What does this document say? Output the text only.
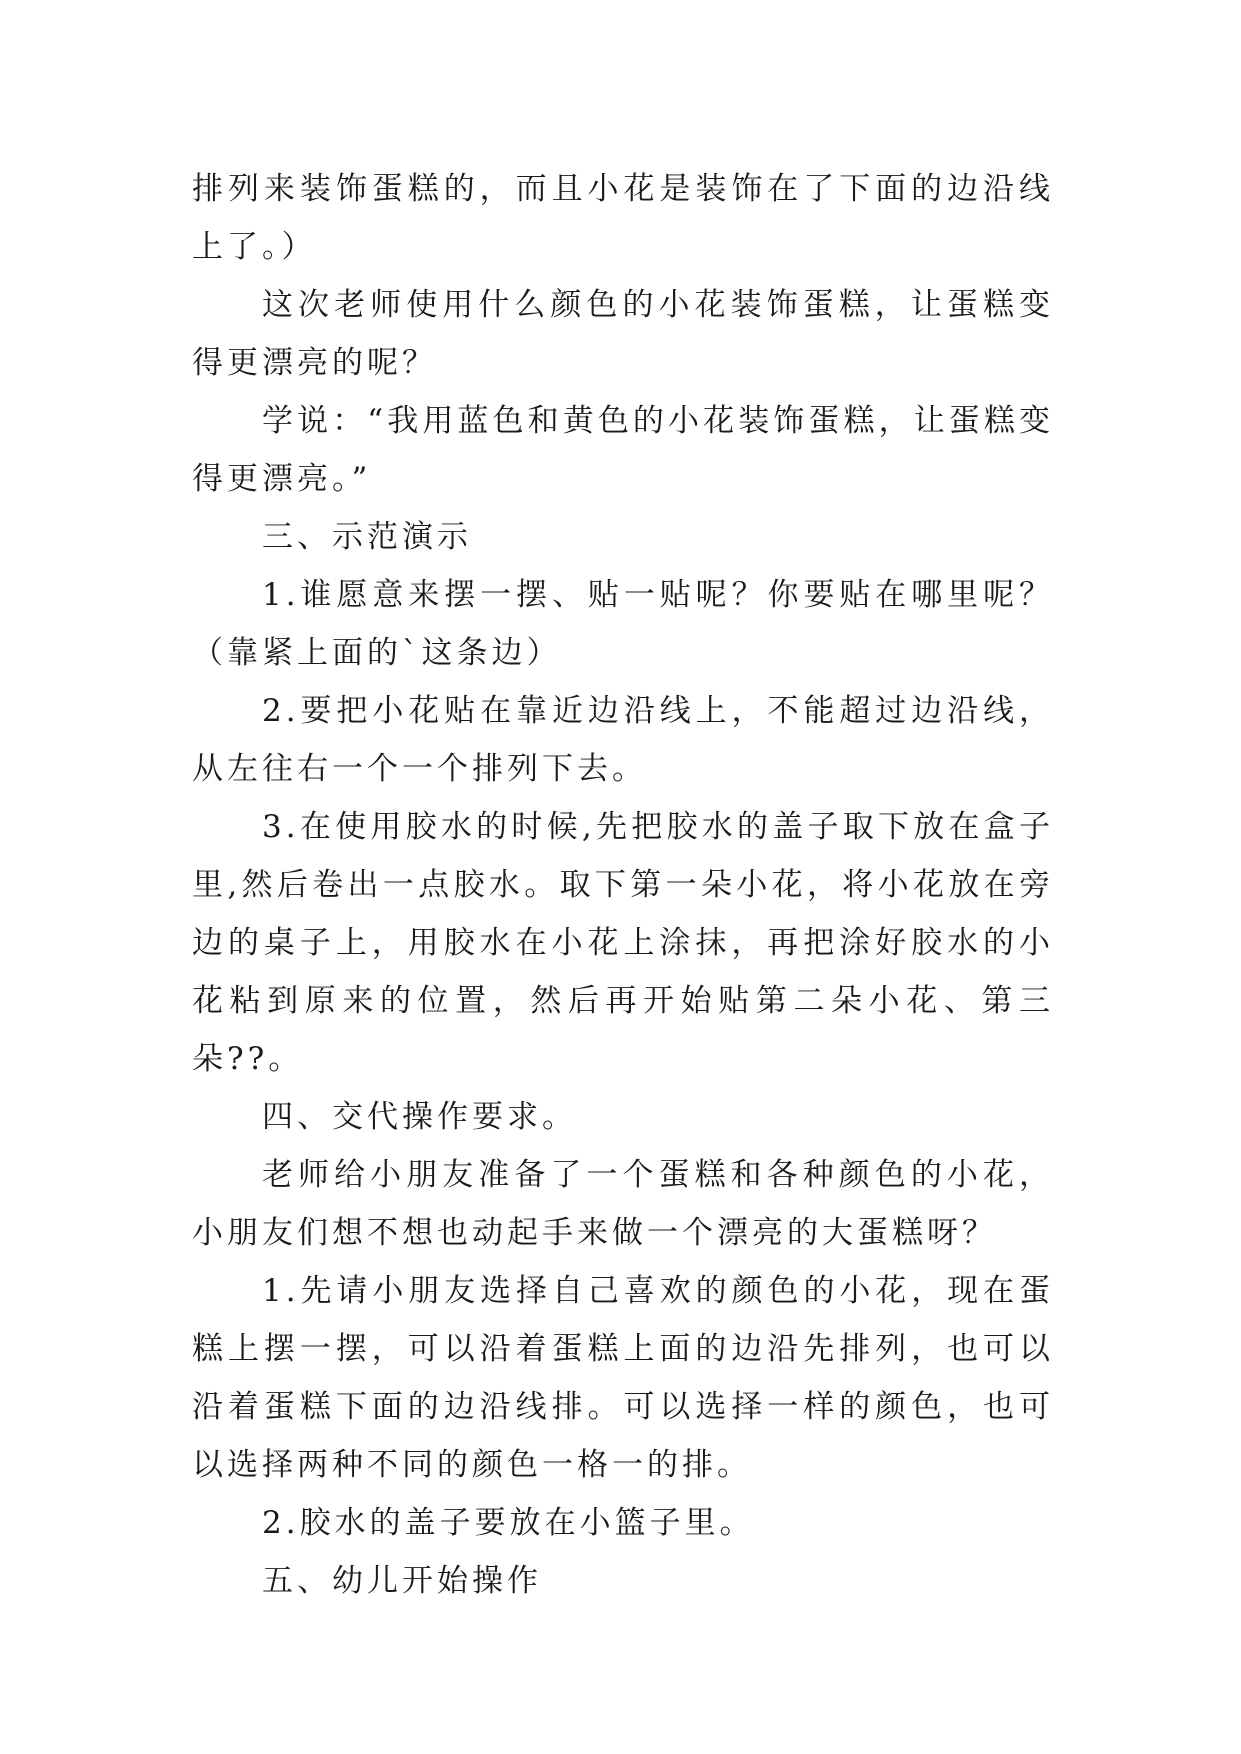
排列来装饰蛋糕的，而且小花是装饰在了下面的边沿线上了。）

这次老师使用什么颜色的小花装饰蛋糕，让蛋糕变得更漂亮的呢？

学说：“我用蓝色和黄色的小花装饰蛋糕，让蛋糕变得更漂亮。”

三、示范演示

1.谁愿意来摆一摆、贴一贴呢？你要贴在哪里呢？（靠紧上面的`这条边）

2.要把小花贴在靠近边沿线上，不能超过边沿线，从左往右一个一个排列下去。

3.在使用胶水的时候,先把胶水的盖子取下放在盒子里,然后卷出一点胶水。取下第一朵小花，将小花放在旁边的桌子上，用胶水在小花上涂抹，再把涂好胶水的小花粘到原来的位置，然后再开始贴第二朵小花、第三朵??。

四、交代操作要求。

老师给小朋友准备了一个蛋糕和各种颜色的小花，小朋友们想不想也动起手来做一个漂亮的大蛋糕呀？

1.先请小朋友选择自己喜欢的颜色的小花，现在蛋糕上摆一摆，可以沿着蛋糕上面的边沿先排列，也可以沿着蛋糕下面的边沿线排。可以选择一样的颜色，也可以选择两种不同的颜色一格一的排。

2.胶水的盖子要放在小篮子里。

五、幼儿开始操作
